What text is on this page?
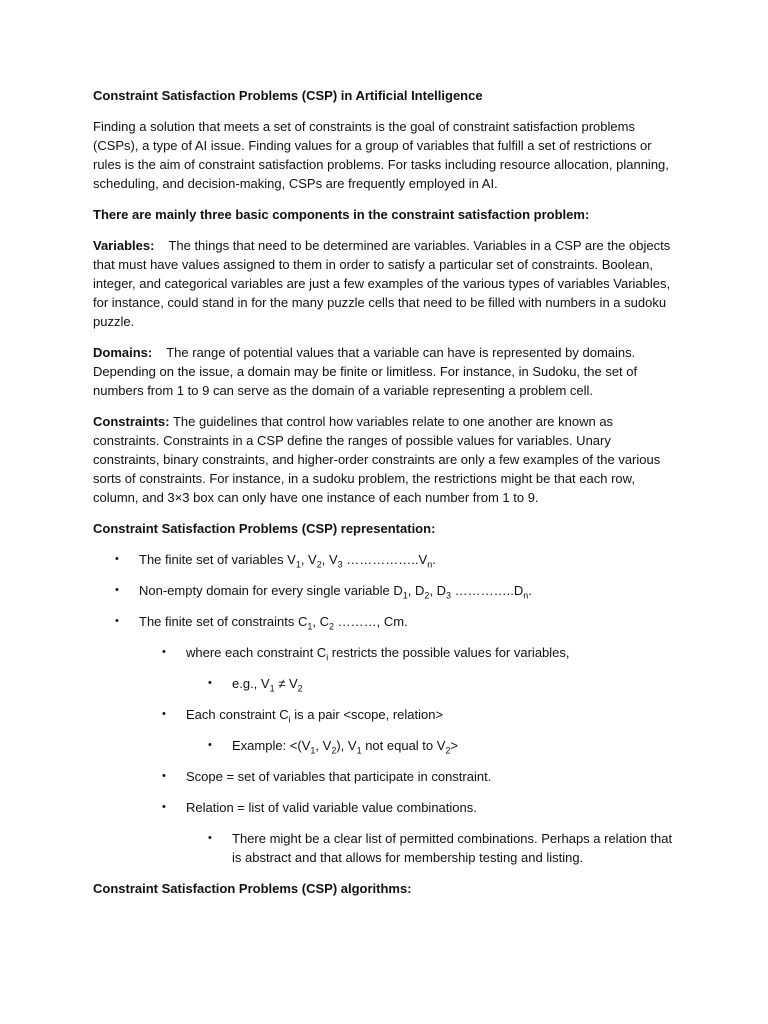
Constraint Satisfaction Problems (CSP) in Artificial Intelligence

Finding a solution that meets a set of constraints is the goal of constraint satisfaction problems (CSPs), a type of AI issue. Finding values for a group of variables that fulfill a set of restrictions or rules is the aim of constraint satisfaction problems. For tasks including resource allocation, planning, scheduling, and decision-making, CSPs are frequently employed in AI.

There are mainly three basic components in the constraint satisfaction problem:

Variables: The things that need to be determined are variables. Variables in a CSP are the objects that must have values assigned to them in order to satisfy a particular set of constraints. Boolean, integer, and categorical variables are just a few examples of the various types of variables Variables, for instance, could stand in for the many puzzle cells that need to be filled with numbers in a sudoku puzzle.

Domains: The range of potential values that a variable can have is represented by domains. Depending on the issue, a domain may be finite or limitless. For instance, in Sudoku, the set of numbers from 1 to 9 can serve as the domain of a variable representing a problem cell.

Constraints: The guidelines that control how variables relate to one another are known as constraints. Constraints in a CSP define the ranges of possible values for variables. Unary constraints, binary constraints, and higher-order constraints are only a few examples of the various sorts of constraints. For instance, in a sudoku problem, the restrictions might be that each row, column, and 3×3 box can only have one instance of each number from 1 to 9.

Constraint Satisfaction Problems (CSP) representation:

• The finite set of variables $V_1$, $V_2$, $V_3$ $\dots\dots\dots\dots\dots..V_n$.
• Non-empty domain for every single variable $D_1$, $D_2$, $D_3$ $\dots\dots\dots\dots..D_n$.
• The finite set of constraints $C_1$, $C_2$ ………, Cm.
• where each constraint $C_i$ restricts the possible values for variables,
• e.g., $V_1 \ne V_2$
• Each constraint $C_i$ is a pair <scope, relation>
• Example: $<(V_1$, $V_2$), $V_1$ not equal to $V_2>$
• Scope = set of variables that participate in constraint.
• Relation = list of valid variable value combinations.
• There might be a clear list of permitted combinations. Perhaps a relation that is abstract and that allows for membership testing and listing.

Constraint Satisfaction Problems (CSP) algorithms:
